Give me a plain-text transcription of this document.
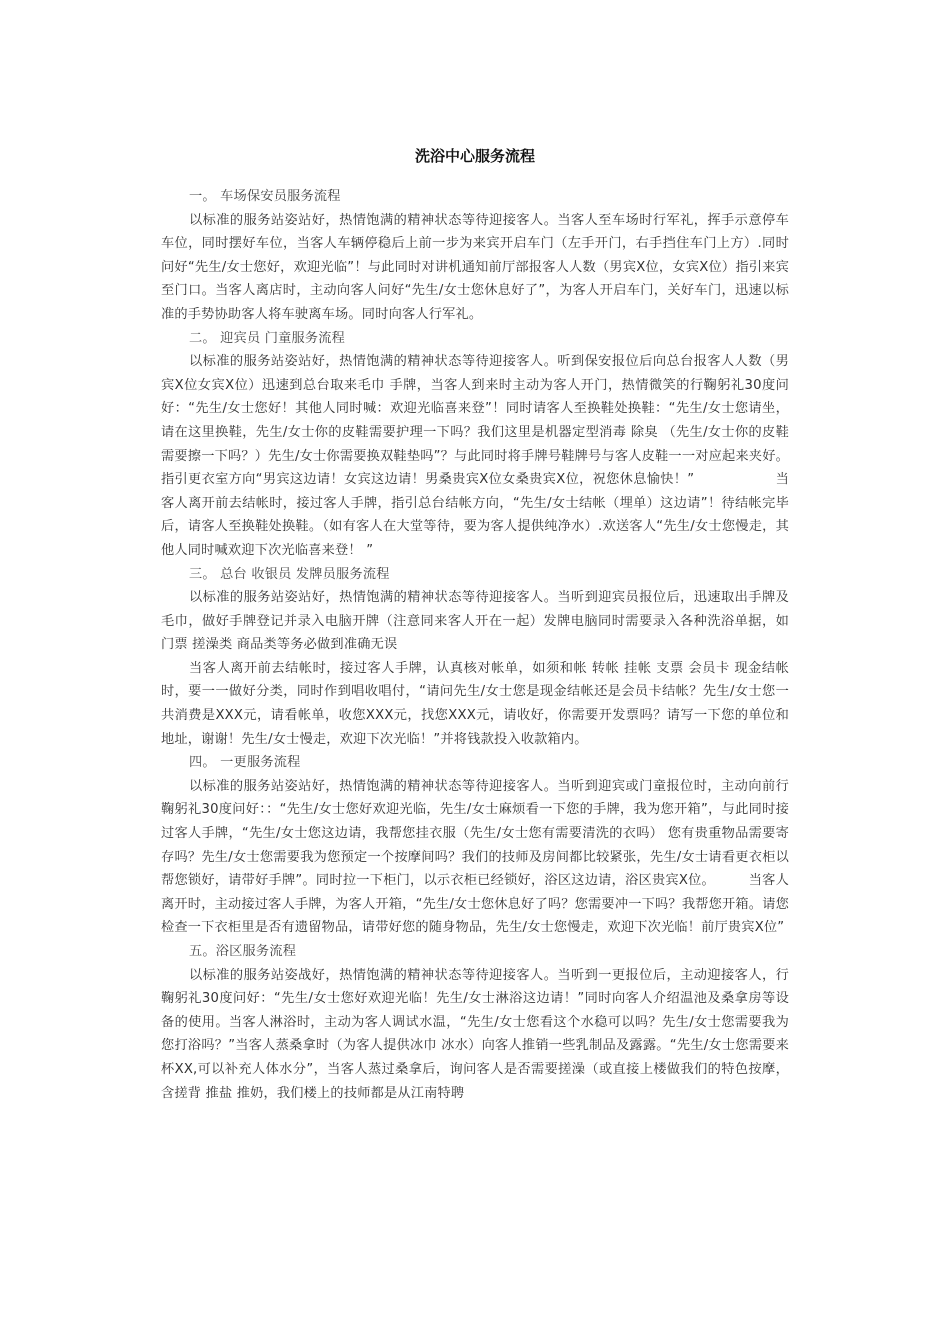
洗浴中心服务流程

一。 车场保安员服务流程

以标准的服务站姿站好，热情饱满的精神状态等待迎接客人。当客人至车场时行军礼，挥手示意停车车位，同时摆好车位，当客人车辆停稳后上前一步为来宾开启车门（左手开门，右手挡住车门上方）.同时问好“先生/女士您好，欢迎光临”！与此同时对讲机通知前厅部报客人人数（男宾X位，女宾X位）指引来宾至门口。当客人离店时，主动向客人问好“先生/女士您休息好了”，为客人开启车门，关好车门，迅速以标准的手势协助客人将车驶离车场。同时向客人行军礼。

二。 迎宾员 门童服务流程

以标准的服务站姿站好，热情饱满的精神状态等待迎接客人。听到保安报位后向总台报客人人数（男宾X位女宾X位）迅速到总台取来毛巾 手牌，当客人到来时主动为客人开门，热情微笑的行鞠躬礼30度问好：“先生/女士您好！其他人同时喊：欢迎光临喜来登”！同时请客人至换鞋处换鞋：“先生/女士您请坐，请在这里换鞋，先生/女士你的皮鞋需要护理一下吗？我们这里是机器定型消毒 除臭 （先生/女士你的皮鞋需要擦一下吗？）先生/女士你需要换双鞋垫吗”？与此同时将手牌号鞋牌号与客人皮鞋一一对应起来夹好。指引更衣室方向“男宾这边请！女宾这边请！男桑贵宾X位女桑贵宾X位，祝您休息愉快！”　　　　　　当客人离开前去结帐时，接过客人手牌，指引总台结帐方向，“先生/女士结帐（埋单）这边请”！待结帐完毕后，请客人至换鞋处换鞋。（如有客人在大堂等待，要为客人提供纯净水）.欢送客人“先生/女士您慢走，其他人同时喊欢迎下次光临喜来登！ ”

三。 总台 收银员 发牌员服务流程

以标准的服务站姿站好，热情饱满的精神状态等待迎接客人。当听到迎宾员报位后，迅速取出手牌及毛巾，做好手牌登记并录入电脑开牌（注意同来客人开在一起）发牌电脑同时需要录入各种洗浴单据，如门票 搓澡类 商品类等务必做到准确无误

当客人离开前去结帐时，接过客人手牌，认真核对帐单，如须和帐 转帐 挂帐 支票 会员卡 现金结帐时，要一一做好分类，同时作到唱收唱付，“请问先生/女士您是现金结帐还是会员卡结帐？先生/女士您一共消费是XXX元，请看帐单，收您XXX元，找您XXX元，请收好，你需要开发票吗？请写一下您的单位和地址，谢谢！先生/女士慢走，欢迎下次光临！”并将钱款投入收款箱内。

四。 一更服务流程

以标准的服务站姿站好，热情饱满的精神状态等待迎接客人。当听到迎宾或门童报位时，主动向前行鞠躬礼30度问好：：“先生/女士您好欢迎光临，先生/女士麻烦看一下您的手牌，我为您开箱”，与此同时接过客人手牌，“先生/女士您这边请，我帮您挂衣服（先生/女士您有需要清洗的衣吗） 您有贵重物品需要寄存吗？先生/女士您需要我为您预定一个按摩间吗？我们的技师及房间都比较紧张，先生/女士请看更衣柜以帮您锁好，请带好手牌”。同时拉一下柜门，以示衣柜已经锁好，浴区这边请，浴区贵宾X位。　　　当客人离开时，主动接过客人手牌，为客人开箱，“先生/女士您休息好了吗？您需要冲一下吗？我帮您开箱。请您检查一下衣柜里是否有遗留物品，请带好您的随身物品，先生/女士您慢走，欢迎下次光临！前厅贵宾X位”

五。浴区服务流程

以标准的服务站姿战好，热情饱满的精神状态等待迎接客人。当听到一更报位后，主动迎接客人，行鞠躬礼30度问好：“先生/女士您好欢迎光临！先生/女士淋浴这边请！”同时向客人介绍温池及桑拿房等设备的使用。当客人淋浴时，主动为客人调试水温，“先生/女士您看这个水稳可以吗？先生/女士您需要我为您打浴吗？”当客人蒸桑拿时（为客人提供冰巾 冰水）向客人推销一些乳制品及露露。“先生/女士您需要来杯XX,可以补充人体水分”，当客人蒸过桑拿后，询问客人是否需要搓澡（或直接上楼做我们的特色按摩，含搓背 推盐 推奶，我们楼上的技师都是从江南特聘
